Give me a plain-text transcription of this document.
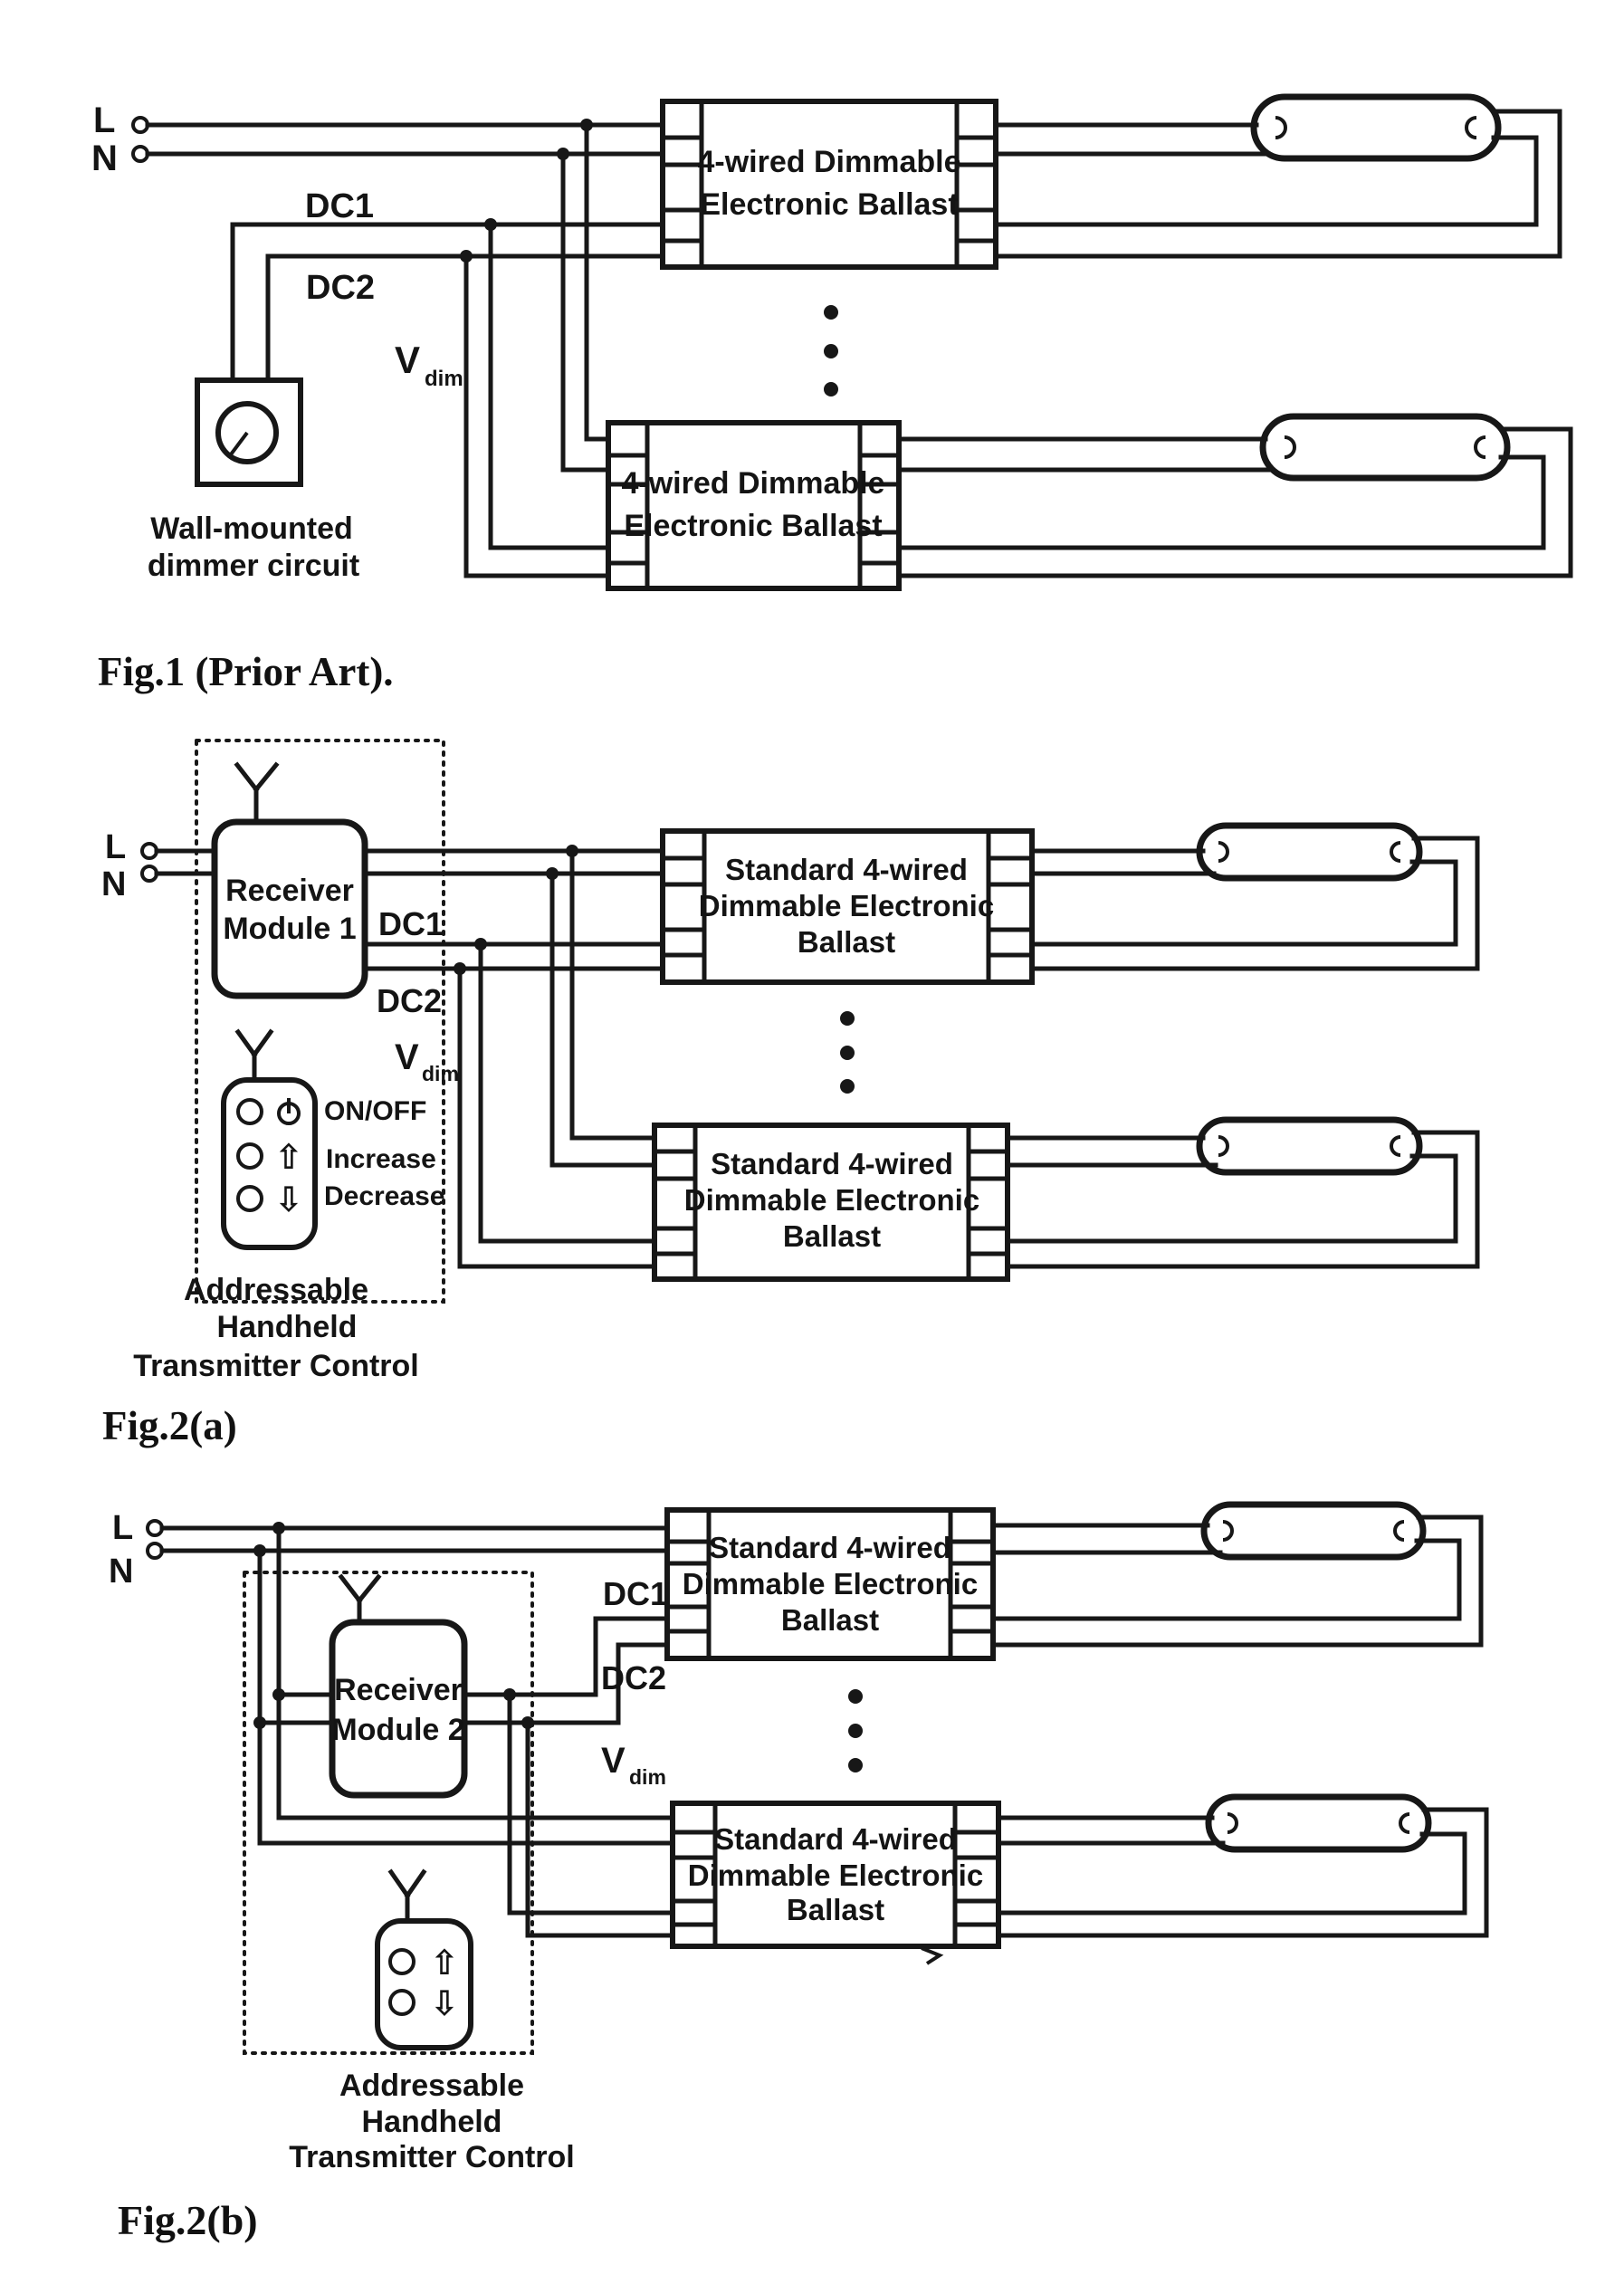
L
N
DC1
DC2
V dim
Wall-mounted
dimmer circuit
4-wired Dimmable
Electronic Ballast
4-wired Dimmable
Electronic Ballast
Fig.1 (Prior Art).
L
N
DC1
DC2
V dim
Receiver
Module 1
⇧
⇩
ON/OFF
Increase
Decrease
Addressable
Handheld
Transmitter Control
Standard 4-wired
Dimmable Electronic
Ballast
Standard 4-wired
Dimmable Electronic
Ballast
Fig.2(a)
L
N
DC1
DC2
V dim
Receiver
Module 2
⇧
⇩
Addressable
Handheld
Transmitter Control
Standard 4-wired
Dimmable Electronic
Ballast
Standard 4-wired
Dimmable Electronic
Ballast
Fig.2(b)
